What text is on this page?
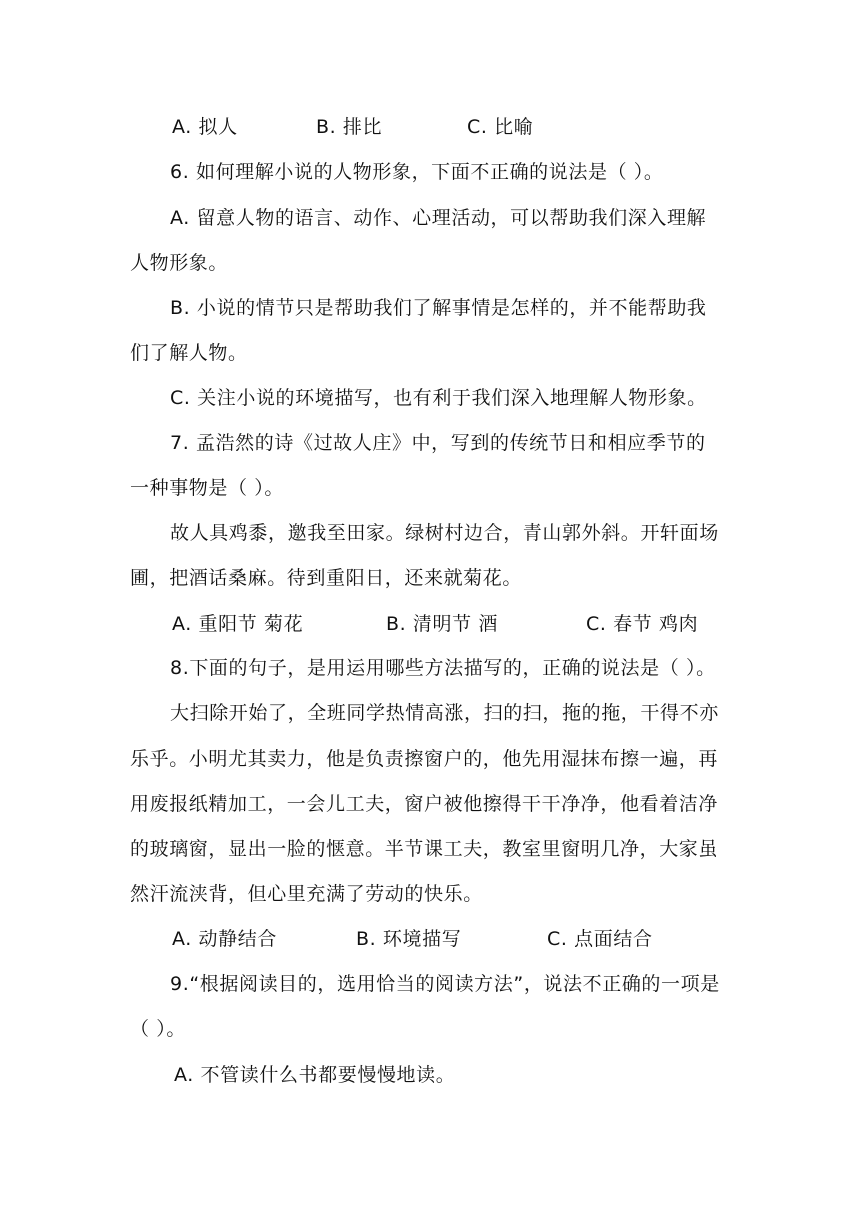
A. 拟人	B. 排比	C. 比喻
6. 如何理解小说的人物形象，下面不正确的说法是（ ）。
A. 留意人物的语言、动作、心理活动，可以帮助我们深入理解
人物形象。
B. 小说的情节只是帮助我们了解事情是怎样的，并不能帮助我
们了解人物。
C. 关注小说的环境描写，也有利于我们深入地理解人物形象。
7. 孟浩然的诗《过故人庄》中，写到的传统节日和相应季节的
一种事物是（ ）。
故人具鸡黍，邀我至田家。绿树村边合，青山郭外斜。开轩面场
圃，把酒话桑麻。待到重阳日，还来就菊花。
A. 重阳节 菊花	B. 清明节 酒	C. 春节 鸡肉
8.下面的句子，是用运用哪些方法描写的，正确的说法是（ ）。
大扫除开始了，全班同学热情高涨，扫的扫，拖的拖，干得不亦
乐乎。小明尤其卖力，他是负责擦窗户的，他先用湿抹布擦一遍，再
用废报纸精加工，一会儿工夫，窗户被他擦得干干净净，他看着洁净
的玻璃窗，显出一脸的惬意。半节课工夫，教室里窗明几净，大家虽
然汗流浃背，但心里充满了劳动的快乐。
A. 动静结合	B. 环境描写	C. 点面结合
9.“根据阅读目的，选用恰当的阅读方法”，说法不正确的一项是
（ ）。
A. 不管读什么书都要慢慢地读。
